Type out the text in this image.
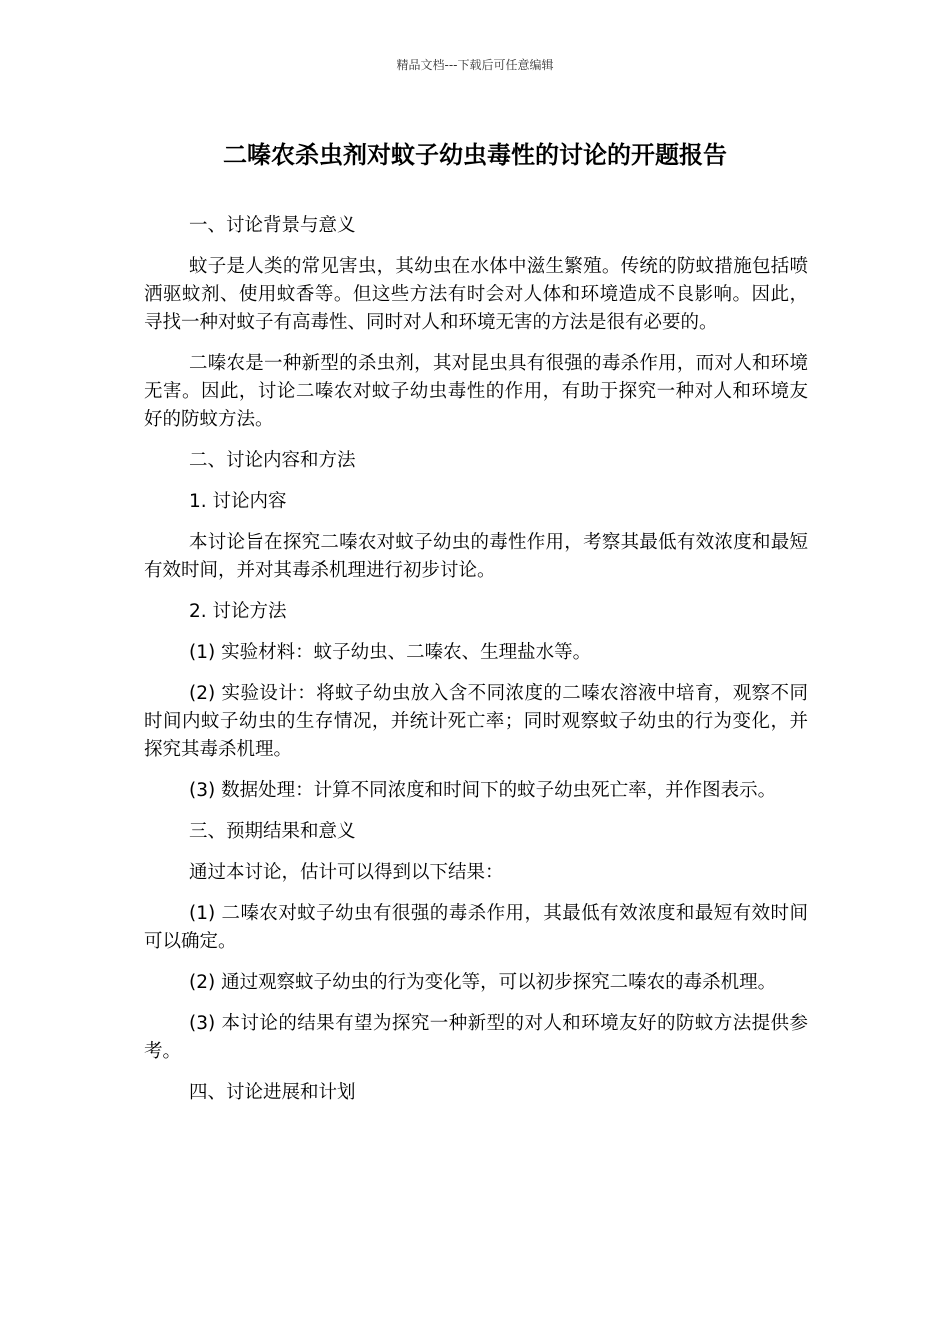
精品文档---下载后可任意编辑
二嗪农杀虫剂对蚊子幼虫毒性的讨论的开题报告

一、讨论背景与意义

蚊子是人类的常见害虫，其幼虫在水体中滋生繁殖。传统的防蚊措施包括喷洒驱蚊剂、使用蚊香等。但这些方法有时会对人体和环境造成不良影响。因此，寻找一种对蚊子有高毒性、同时对人和环境无害的方法是很有必要的。

二嗪农是一种新型的杀虫剂，其对昆虫具有很强的毒杀作用，而对人和环境无害。因此，讨论二嗪农对蚊子幼虫毒性的作用，有助于探究一种对人和环境友好的防蚊方法。

二、讨论内容和方法

1. 讨论内容

本讨论旨在探究二嗪农对蚊子幼虫的毒性作用，考察其最低有效浓度和最短有效时间，并对其毒杀机理进行初步讨论。

2. 讨论方法

(1) 实验材料：蚊子幼虫、二嗪农、生理盐水等。

(2) 实验设计：将蚊子幼虫放入含不同浓度的二嗪农溶液中培育，观察不同时间内蚊子幼虫的生存情况，并统计死亡率；同时观察蚊子幼虫的行为变化，并探究其毒杀机理。

(3) 数据处理：计算不同浓度和时间下的蚊子幼虫死亡率，并作图表示。

三、预期结果和意义

通过本讨论，估计可以得到以下结果：

(1) 二嗪农对蚊子幼虫有很强的毒杀作用，其最低有效浓度和最短有效时间可以确定。

(2) 通过观察蚊子幼虫的行为变化等，可以初步探究二嗪农的毒杀机理。

(3) 本讨论的结果有望为探究一种新型的对人和环境友好的防蚊方法提供参考。

四、讨论进展和计划
